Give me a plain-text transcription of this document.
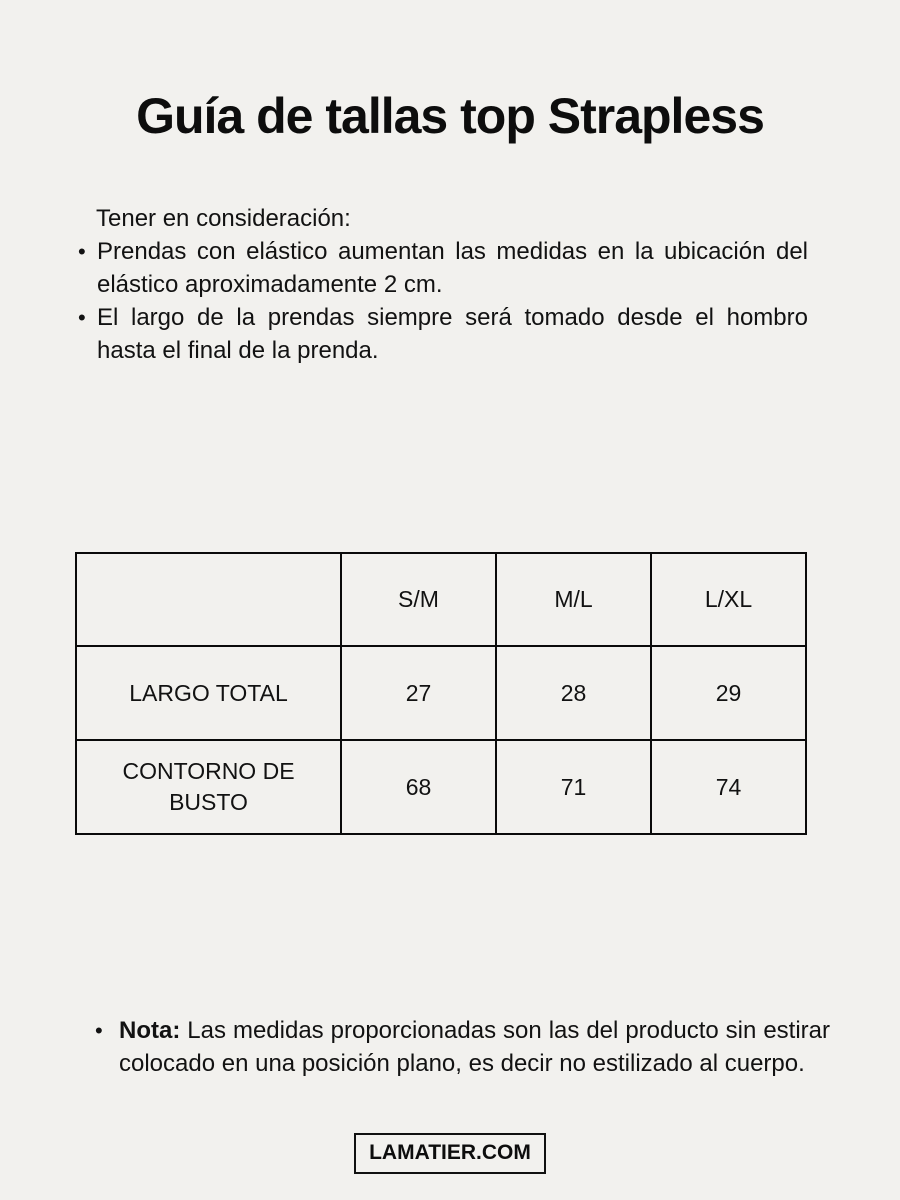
Guía de tallas top Strapless
Tener en consideración:
• Prendas con elástico aumentan las medidas en la ubicación del elástico aproximadamente 2 cm.
• El largo de la prendas siempre será tomado desde el hombro hasta el final de la prenda.
	S/M	M/L	L/XL
LARGO TOTAL	27	28	29
CONTORNO DE BUSTO	68	71	74
• Nota: Las medidas proporcionadas son las del producto sin estirar colocado en una posición plano, es decir no estilizado al cuerpo.
LAMATIER.COM
